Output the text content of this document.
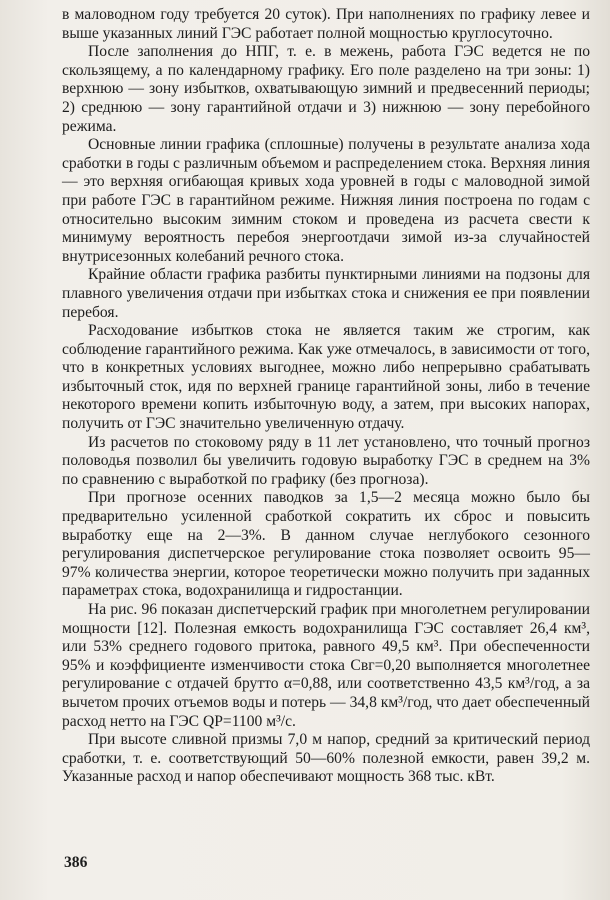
в маловодном году требуется 20 суток). При наполнениях по графику левее и выше указанных линий ГЭС работает полной мощностью круглосуточно.

После заполнения до НПГ, т. е. в межень, работа ГЭС ведется не по скользящему, а по календарному графику. Его поле разделено на три зоны: 1) верхнюю — зону избытков, охватывающую зимний и предвесенний периоды; 2) среднюю — зону гарантийной отдачи и 3) нижнюю — зону перебойного режима.

Основные линии графика (сплошные) получены в результате анализа хода сработки в годы с различным объемом и распределением стока. Верхняя линия — это верхняя огибающая кривых хода уровней в годы с маловодной зимой при работе ГЭС в гарантийном режиме. Нижняя линия построена по годам с относительно высоким зимним стоком и проведена из расчета свести к минимуму вероятность перебоя энергоотдачи зимой из-за случайностей внутрисезонных колебаний речного стока.

Крайние области графика разбиты пунктирными линиями на подзоны для плавного увеличения отдачи при избытках стока и снижения ее при появлении перебоя.

Расходование избытков стока не является таким же строгим, как соблюдение гарантийного режима. Как уже отмечалось, в зависимости от того, что в конкретных условиях выгоднее, можно либо непрерывно срабатывать избыточный сток, идя по верхней границе гарантийной зоны, либо в течение некоторого времени копить избыточную воду, а затем, при высоких напорах, получить от ГЭС значительно увеличенную отдачу.

Из расчетов по стоковому ряду в 11 лет установлено, что точный прогноз половодья позволил бы увеличить годовую выработку ГЭС в среднем на 3% по сравнению с выработкой по графику (без прогноза).

При прогнозе осенних паводков за 1,5—2 месяца можно было бы предварительно усиленной сработкой сократить их сброс и повысить выработку еще на 2—3%. В данном случае неглубокого сезонного регулирования диспетчерское регулирование стока позволяет освоить 95—97% количества энергии, которое теоретически можно получить при заданных параметрах стока, водохранилища и гидростанции.

На рис. 96 показан диспетчерский график при многолетнем регулировании мощности [12]. Полезная емкость водохранилища ГЭС составляет 26,4 км³, или 53% среднего годового притока, равного 49,5 км³. При обеспеченности 95% и коэффициенте изменчивости стока Cвг=0,20 выполняется многолетнее регулирование с отдачей брутто α=0,88, или соответственно 43,5 км³/год, а за вычетом прочих отъемов воды и потерь — 34,8 км³/год, что дает обеспеченный расход нетто на ГЭС QP=1100 м³/с.

При высоте сливной призмы 7,0 м напор, средний за критический период сработки, т. е. соответствующий 50—60% полезной емкости, равен 39,2 м. Указанные расход и напор обеспечивают мощность 368 тыс. кВт.

386
